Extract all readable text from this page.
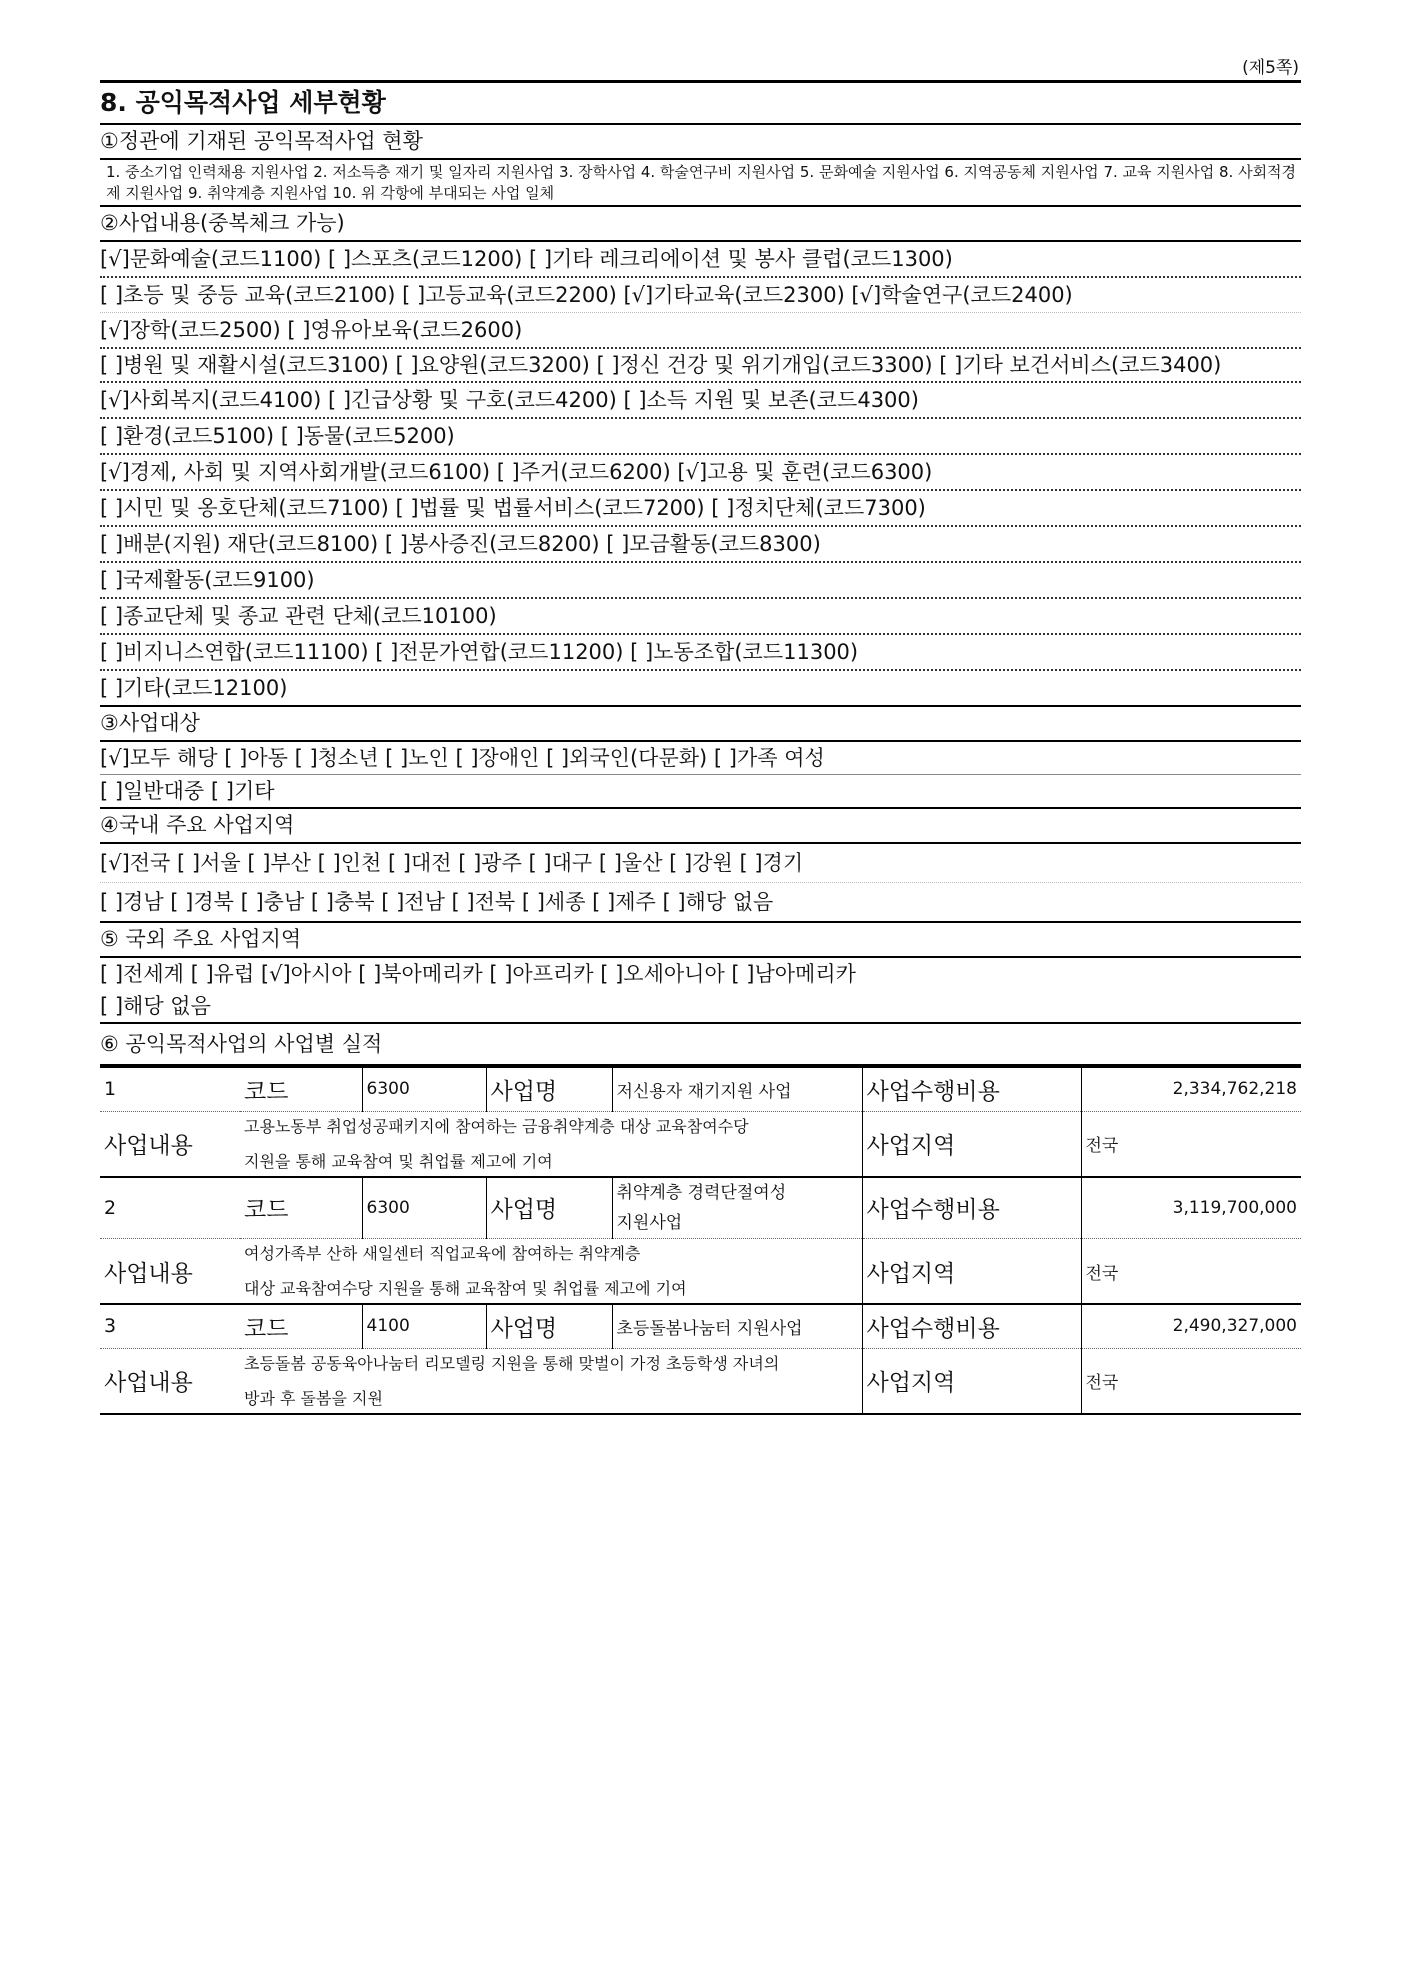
(제5쪽)
8. 공익목적사업 세부현황
①정관에 기재된 공익목적사업 현황
1. 중소기업 인력채용 지원사업 2. 저소득층 재기 및 일자리 지원사업 3. 장학사업 4. 학술연구비 지원사업 5. 문화예술 지원사업 6. 지역공동체 지원사업 7. 교육 지원사업 8. 사회적경제 지원사업 9. 취약계층 지원사업 10. 위 각항에 부대되는 사업 일체
②사업내용(중복체크 가능)
[√]문화예술(코드1100) [ ]스포츠(코드1200) [ ]기타 레크리에이션 및 봉사 클럽(코드1300)
[ ]초등 및 중등 교육(코드2100) [ ]고등교육(코드2200) [√]기타교육(코드2300) [√]학술연구(코드2400)
[√]장학(코드2500) [ ]영유아보육(코드2600)
[ ]병원 및 재활시설(코드3100) [ ]요양원(코드3200) [ ]정신 건강 및 위기개입(코드3300) [ ]기타 보건서비스(코드3400)
[√]사회복지(코드4100) [ ]긴급상황 및 구호(코드4200) [ ]소득 지원 및 보존(코드4300)
[ ]환경(코드5100) [ ]동물(코드5200)
[√]경제, 사회 및 지역사회개발(코드6100) [ ]주거(코드6200) [√]고용 및 훈련(코드6300)
[ ]시민 및 옹호단체(코드7100) [ ]법률 및 법률서비스(코드7200) [ ]정치단체(코드7300)
[ ]배분(지원) 재단(코드8100) [ ]봉사증진(코드8200) [ ]모금활동(코드8300)
[ ]국제활동(코드9100)
[ ]종교단체 및 종교 관련 단체(코드10100)
[ ]비지니스연합(코드11100) [ ]전문가연합(코드11200) [ ]노동조합(코드11300)
[ ]기타(코드12100)
③사업대상
[√]모두 해당 [ ]아동 [ ]청소년 [ ]노인 [ ]장애인 [ ]외국인(다문화) [ ]가족 여성
[ ]일반대중 [ ]기타
④국내 주요 사업지역
[√]전국 [ ]서울 [ ]부산 [ ]인천 [ ]대전 [ ]광주 [ ]대구 [ ]울산 [ ]강원 [ ]경기
[ ]경남 [ ]경북 [ ]충남 [ ]충북 [ ]전남 [ ]전북 [ ]세종 [ ]제주 [ ]해당 없음
⑤ 국외 주요 사업지역
[ ]전세계 [ ]유럽 [√]아시아 [ ]북아메리카 [ ]아프리카 [ ]오세아니아 [ ]남아메리카
[ ]해당 없음
⑥ 공익목적사업의 사업별 실적
1	코드	6300	사업명	저신용자 재기지원 사업	사업수행비용	2,334,762,218
사업내용	고용노동부 취업성공패키지에 참여하는 금융취약계층 대상 교육참여수당
지원을 통해 교육참여 및 취업률 제고에 기여				사업지역	전국
2	코드	6300	사업명	취약계층 경력단절여성
지원사업	사업수행비용	3,119,700,000
사업내용	여성가족부 산하 새일센터 직업교육에 참여하는 취약계층
대상 교육참여수당 지원을 통해 교육참여 및 취업률 제고에 기여				사업지역	전국
3	코드	4100	사업명	초등돌봄나눔터 지원사업	사업수행비용	2,490,327,000
사업내용	초등돌봄 공동육아나눔터 리모델링 지원을 통해 맞벌이 가정 초등학생 자녀의
방과 후 돌봄을 지원				사업지역	전국
